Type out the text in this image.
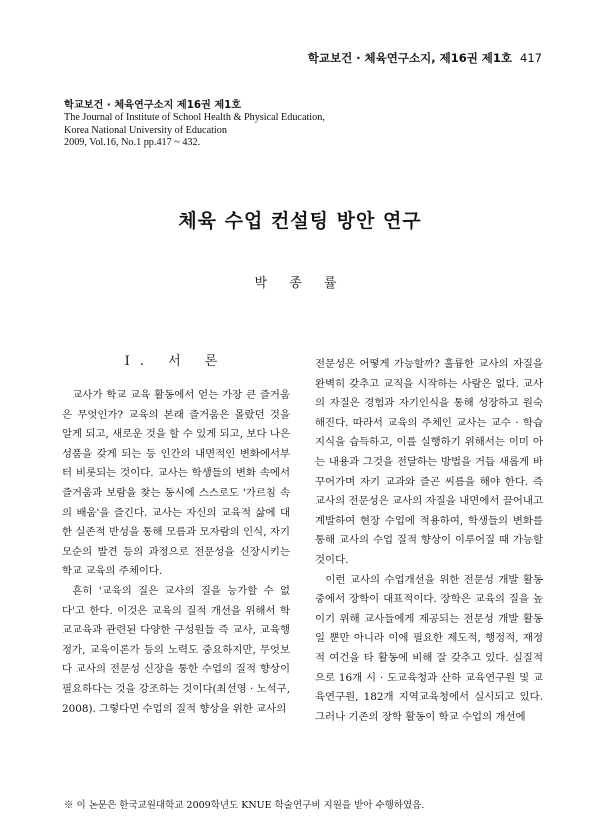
학교보건 · 체육연구소지, 제16권 제1호 417
학교보건 · 체육연구소지 제16권 제1호
The Journal of Institute of School Health & Physical Education,
Korea National University of Education
2009, Vol.16, No.1 pp.417 ~ 432.
체육 수업 컨설팅 방안 연구
박 종 률
Ⅰ. 서 론

교사가 학교 교육 활동에서 얻는 가장 큰 즐거움은 무엇인가? 교육의 본래 즐거움은 몰랐던 것을 알게 되고, 새로운 것을 할 수 있게 되고, 보다 나은 성품을 갖게 되는 등 인간의 내면적인 변화에서부터 비롯되는 것이다. 교사는 학생들의 변화 속에서 즐거움과 보람을 찾는 동시에 스스로도 '가르침 속의 배움'을 즐긴다. 교사는 자신의 교육적 삶에 대한 실존적 반성을 통해 모름과 모자람의 인식, 자기모순의 발견 등의 과정으로 전문성을 신장시키는 학교 교육의 주체이다.

흔히 '교육의 질은 교사의 질을 능가할 수 없다'고 한다. 이것은 교육의 질적 개선을 위해서 학교교육과 관련된 다양한 구성원들 즉 교사, 교육행정가, 교육이론가 등의 노력도 중요하지만, 무엇보다 교사의 전문성 신장을 통한 수업의 질적 향상이 필요하다는 것을 강조하는 것이다(최선영 · 노석구, 2008). 그렇다면 수업의 질적 향상을 위한 교사의

전문성은 어떻게 가능할까? 훌륭한 교사의 자질을 완벽히 갖추고 교직을 시작하는 사람은 없다. 교사의 자질은 경험과 자기인식을 통해 성장하고 원숙해진다. 따라서 교육의 주체인 교사는 교수 · 학습 지식을 습득하고, 이를 실행하기 위해서는 이미 아는 내용과 그것을 전달하는 방법을 거듭 새롭게 바꾸어가며 자기 교과와 즐곤 씨름을 해야 한다. 즉 교사의 전문성은 교사의 자질을 내면에서 끌어내고 계발하여 현장 수업에 적용하여, 학생들의 변화를 통해 교사의 수업 질적 향상이 이루어질 때 가능할 것이다.

이런 교사의 수업개선을 위한 전문성 개발 활동 중에서 장학이 대표적이다. 장학은 교육의 질을 높이기 위해 교사들에게 제공되는 전문성 개발 활동일 뿐만 아니라 이에 필요한 제도적, 행정적, 재정적 여건을 타 활동에 비해 잘 갖추고 있다. 실질적으로 16개 시 · 도교육청과 산하 교육연구원 및 교육연구원, 182개 지역교육청에서 실시되고 있다. 그러나 기존의 장학 활동이 학교 수업의 개선에

※ 이 논문은 한국교원대학교 2009학년도 KNUE 학술연구비 지원을 받아 수행하였음.
